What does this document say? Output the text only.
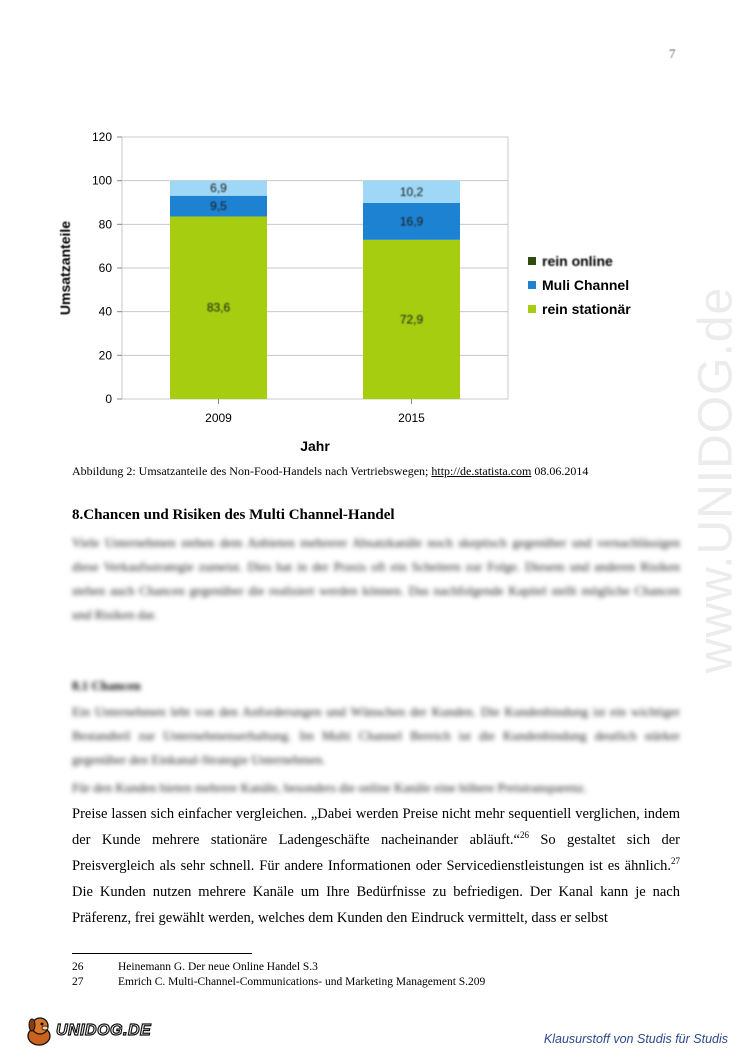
7
0
20
40
60
80
100
120
83,6
9,5
6,9
2009
72,9
16,9
10,2
2015
Jahr
Umsatzanteile	rein online
Muli Channel
rein stationär
Abbildung 2: Umsatzanteile des Non-Food-Handels nach Vertriebswegen; http://de.statista.com 08.06.2014
8.Chancen und Risiken des Multi Channel-Handel

Viele Unternehmen stehen dem Anbieten mehrerer Absatzkanäle noch skeptisch gegenüber und vernachlässigen diese Verkaufsstrategie zumeist. Dies hat in der Praxis oft ein Scheitern zur Folge. Diesem und anderen Risiken stehen auch Chancen gegenüber die realisiert werden können. Das nachfolgende Kapitel stellt mögliche Chancen und Risiken dar.

8.1 Chancen

Ein Unternehmen lebt von den Anforderungen und Wünschen der Kunden. Die Kundenbindung ist ein wichtiger Bestandteil zur Unternehmenserhaltung. Im Multi Channel Bereich ist die Kundenbindung deutlich stärker gegenüber den Einkanal-Strategie Unternehmen.

Für den Kunden bieten mehrere Kanäle, besonders die online Kanäle eine höhere Preistransparenz.

Preise lassen sich einfacher vergleichen. „Dabei werden Preise nicht mehr sequentiell verglichen, indem der Kunde mehrere stationäre Ladengeschäfte nacheinander abläuft.“$^{26}$ So gestaltet sich der Preisvergleich als sehr schnell. Für andere Informationen oder Servicedienstleistungen ist es ähnlich.$^{27}$ Die Kunden nutzen mehrere Kanäle um Ihre Bedürfnisse zu befriedigen. Der Kanal kann je nach Präferenz, frei gewählt werden, welches dem Kunden den Eindruck vermittelt, dass er selbst

26	Heinemann G. Der neue Online Handel S.3
27	Emrich C. Multi-Channel-Communications- und Marketing Management S.209
www.UNIDOG.de
UNIDOG.DE	Klausurstoff von Studis für Studis
